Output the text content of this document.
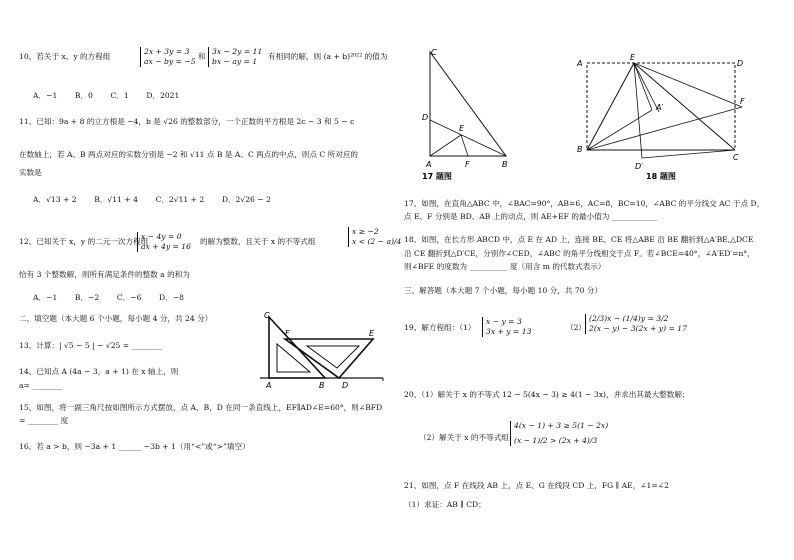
10、若关于 x、y 的方程组
2x + 3y = 3
ax − by = −5
和
3x − 2y = 11
bx − ay = 1
有相同的解，则 (a + b)²⁰²² 的值为
A．−1　　 B．0　　 C．1　　 D．2021
11、已知：9a + 8 的立方根是 −4，b 是 √26 的整数部分，一个正数的平方根是 2c − 3 和 5 − c
在数轴上，若 A、B 两点对应的实数分别是 −2 和 √11 点 B 是 A、C 两点的中点，则点 C 所对应的
实数是
A．√13 + 2　　 B．√11 + 4　　 C．2√11 + 2　　 D．2√26 − 2
12、已知关于 x，y 的二元一次方程组
x − 4y = 0
ax + 4y = 16
的解为整数，且关于 x 的不等式组
x ≥ −2
x < (2 − a)/4
恰有 3 个整数解，则所有满足条件的整数 a 的和为
A．−1　　 B．−2　　 C．−6　　 D．−8
二、填空题（本大题 6 个小题，每小题 4 分，共 24 分）
13、计算：| √5 − 5 | − √25 = ________
14、已知点 A (4a − 3，a + 1) 在 x 轴上，则
a= ________
15、如图，将一副三角尺按如图所示方式摆放，点 A，B，D 在同一条直线上，EF∥AD∠E=60°，则∠BFD
= ________ 度
16、若 a > b，则 −3a + 1 ______ −3b + 1（用“<”或“>”填空）
C
F	E
A	B D
C
D
E
A	F	B
17 题图
A
E
D
A′
F
B
D′
C
18 题图
17、如图，在直角△ABC 中，∠BAC=90°，AB=6，AC=8，BC=10，∠ABC 的平分线交 AC 于点 D，
点 E、F 分别是 BD、AB 上的动点，则 AE+EF 的最小值为 ____________
18、如图，在长方形 ABCD 中，点 E 在 AD 上，连接 BE、CE 将△ABE 沿 BE 翻折到△A′BE,△DCE
沿 CE 翻折到△D′CE，分别作∠CED，∠ABC 的角平分线相交于点 F。若∠BCE=40°，∠A′ED′=n°，
则∠BFE 的度数为 __________ 度（用含 m 的代数式表示）
三、解答题（本大题 7 个小题，每小题 10 分，共 70 分）
19、解方程组：（1）
x − y = 3
3x + y = 13	（2）
(2/3)x − (1/4)y = 3/2
2(x − y) − 3(2x + y) = 17
20、（1）解关于 x 的不等式 12 − 5(4x − 3) ≥ 4(1 − 3x)，并求出其最大整数解；
（2）解关于 x 的不等式组
4(x − 1) + 3 ≥ 5(1 − 2x)
(x − 1)/2 > (2x + 4)/3
21、如图，点 F 在线段 AB 上，点 E、G 在线段 CD 上，FG ∥ AE，∠1=∠2
（1）求证：AB ∥ CD；
